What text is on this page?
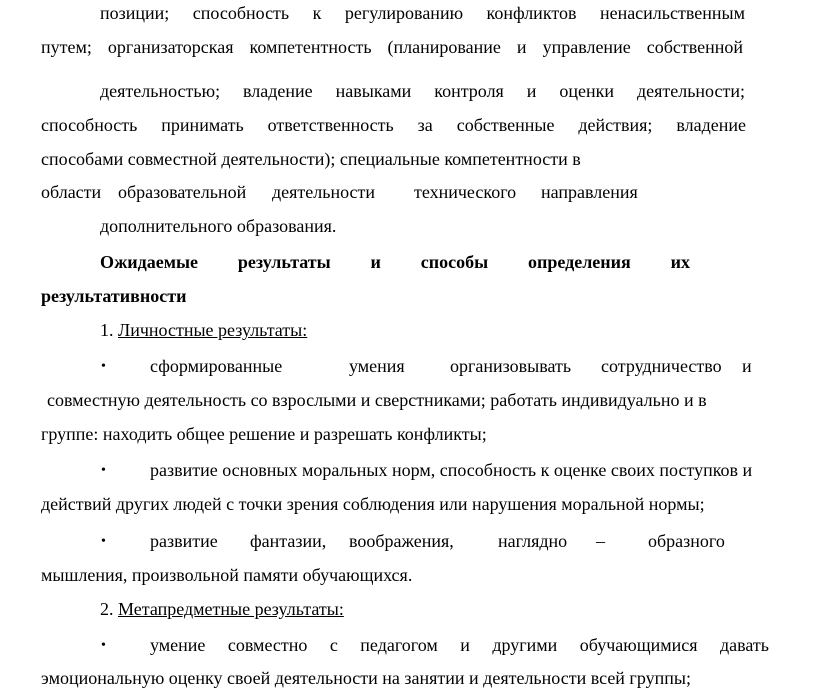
позиции; способность к регулированию конфликтов ненасильственным
путем; организаторская компетентность (планирование и управление собственной
деятельностью; владение навыками контроля и оценки деятельности;
способность принимать ответственность за собственные действия; владение
способами совместной деятельности); специальные компетентности в
области образовательной деятельности технического направления
дополнительного образования.
Ожидаемые результаты и способы определения их
результативности
1. Личностные результаты:
• сформированные	умения	организовывать сотрудничество и
совместную деятельность со взрослыми и сверстниками; работать индивидуально и в
группе: находить общее решение и разрешать конфликты;
• развитие основных моральных норм, способность к оценке своих поступков и
действий других людей с точки зрения соблюдения или нарушения моральной нормы;
• развитие фантазии, воображения, наглядно – образного
мышления, произвольной памяти обучающихся.
2. Метапредметные результаты:
• умение совместно с педагогом и другими обучающимися давать
эмоциональную оценку своей деятельности на занятии и деятельности всей группы;
